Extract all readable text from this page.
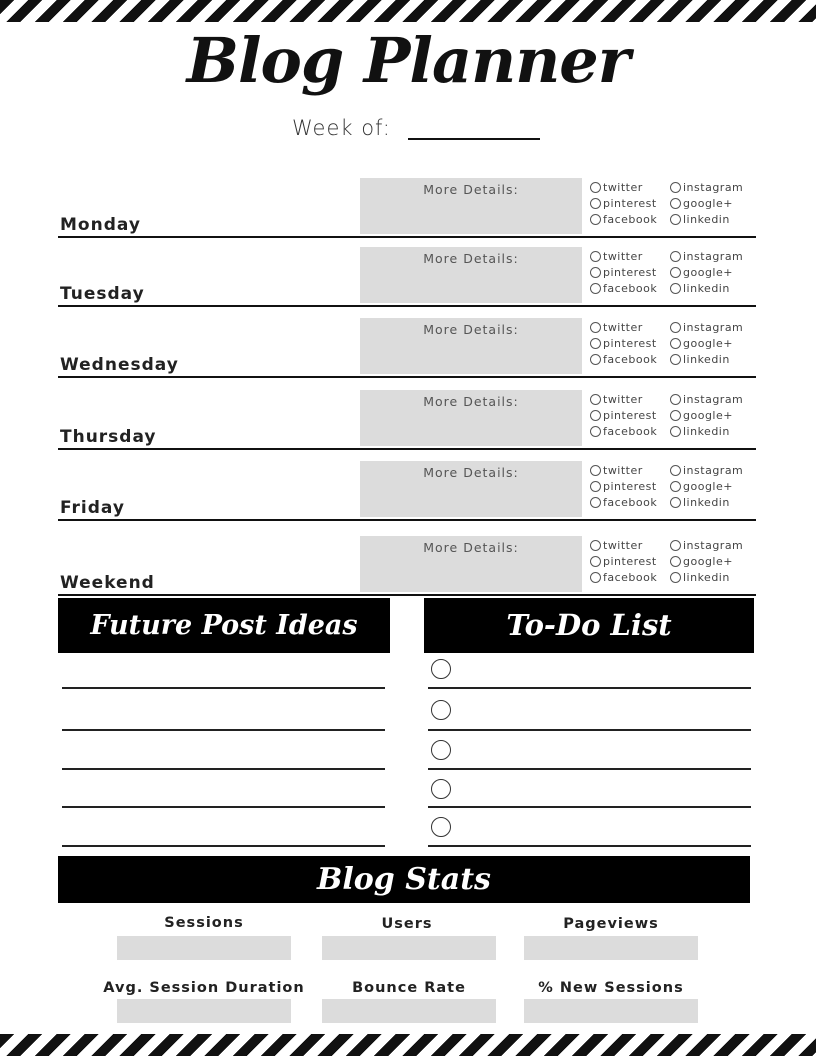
Blog Planner
Week of:
Monday
More Details:	twitter	instagram
pinterest google+
facebook linkedin
Tuesday
More Details:	twitter	instagram
pinterest google+
facebook linkedin
Wednesday
More Details:	twitter	instagram
pinterest google+
facebook linkedin
Thursday
More Details:	twitter	instagram
pinterest google+
facebook linkedin
Friday
More Details:	twitter	instagram
pinterest google+
facebook linkedin
Weekend
More Details:	twitter	instagram
pinterest google+
facebook linkedin
Future Post Ideas	To-Do List
Blog Stats
Sessions	Users	Pageviews
Avg. Session Duration	Bounce Rate	% New Sessions
